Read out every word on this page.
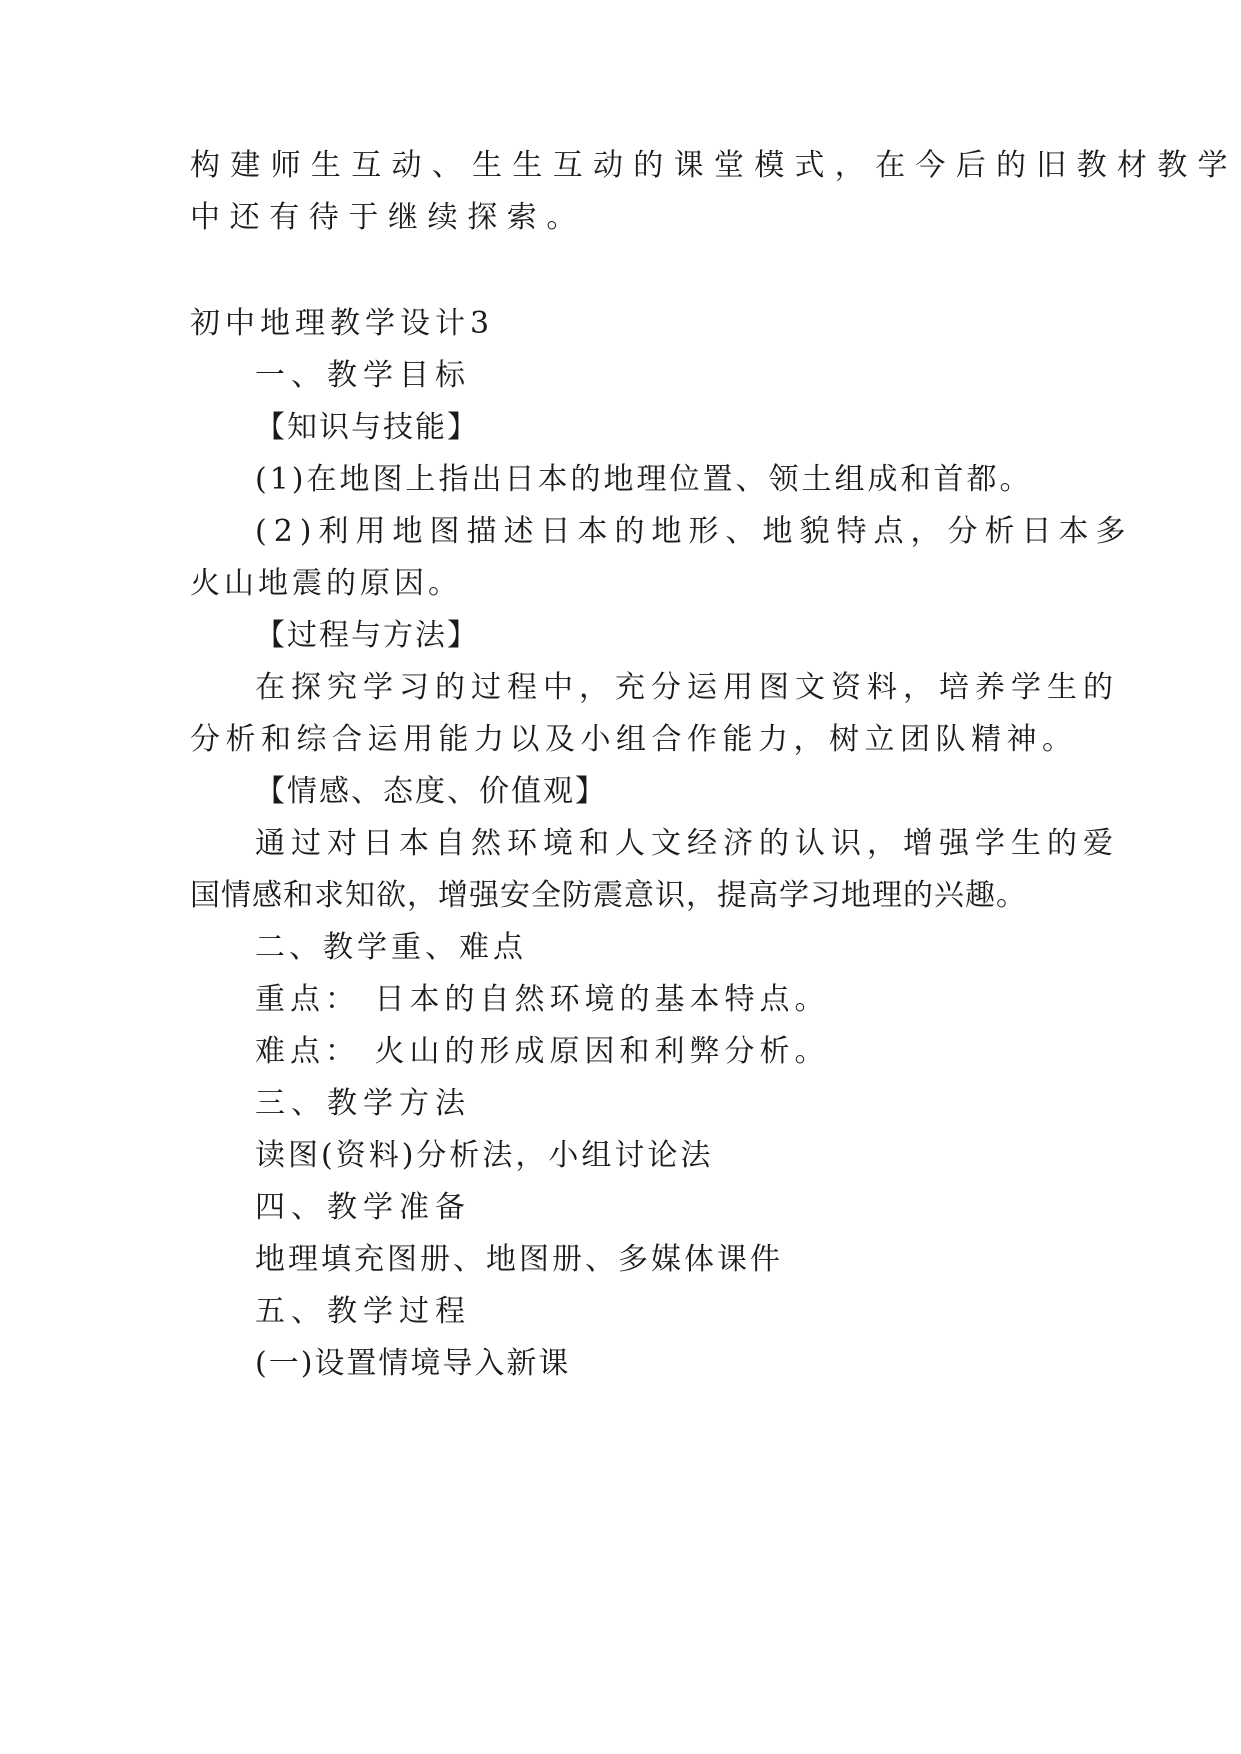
构建师生互动、生生互动的课堂模式，在今后的旧教材教学
中还有待于继续探索。
初中地理教学设计3
一、教学目标
【知识与技能】
(1)在地图上指出日本的地理位置、领土组成和首都。
(2)利用地图描述日本的地形、地貌特点，分析日本多
火山地震的原因。
【过程与方法】
在探究学习的过程中，充分运用图文资料，培养学生的
分析和综合运用能力以及小组合作能力，树立团队精神。
【情感、态度、价值观】
通过对日本自然环境和人文经济的认识，增强学生的爱
国情感和求知欲，增强安全防震意识，提高学习地理的兴趣。
二、教学重、难点
重点： 日本的自然环境的基本特点。
难点： 火山的形成原因和利弊分析。
三、教学方法
读图(资料)分析法，小组讨论法
四、教学准备
地理填充图册、地图册、多媒体课件
五、教学过程
(一)设置情境导入新课
